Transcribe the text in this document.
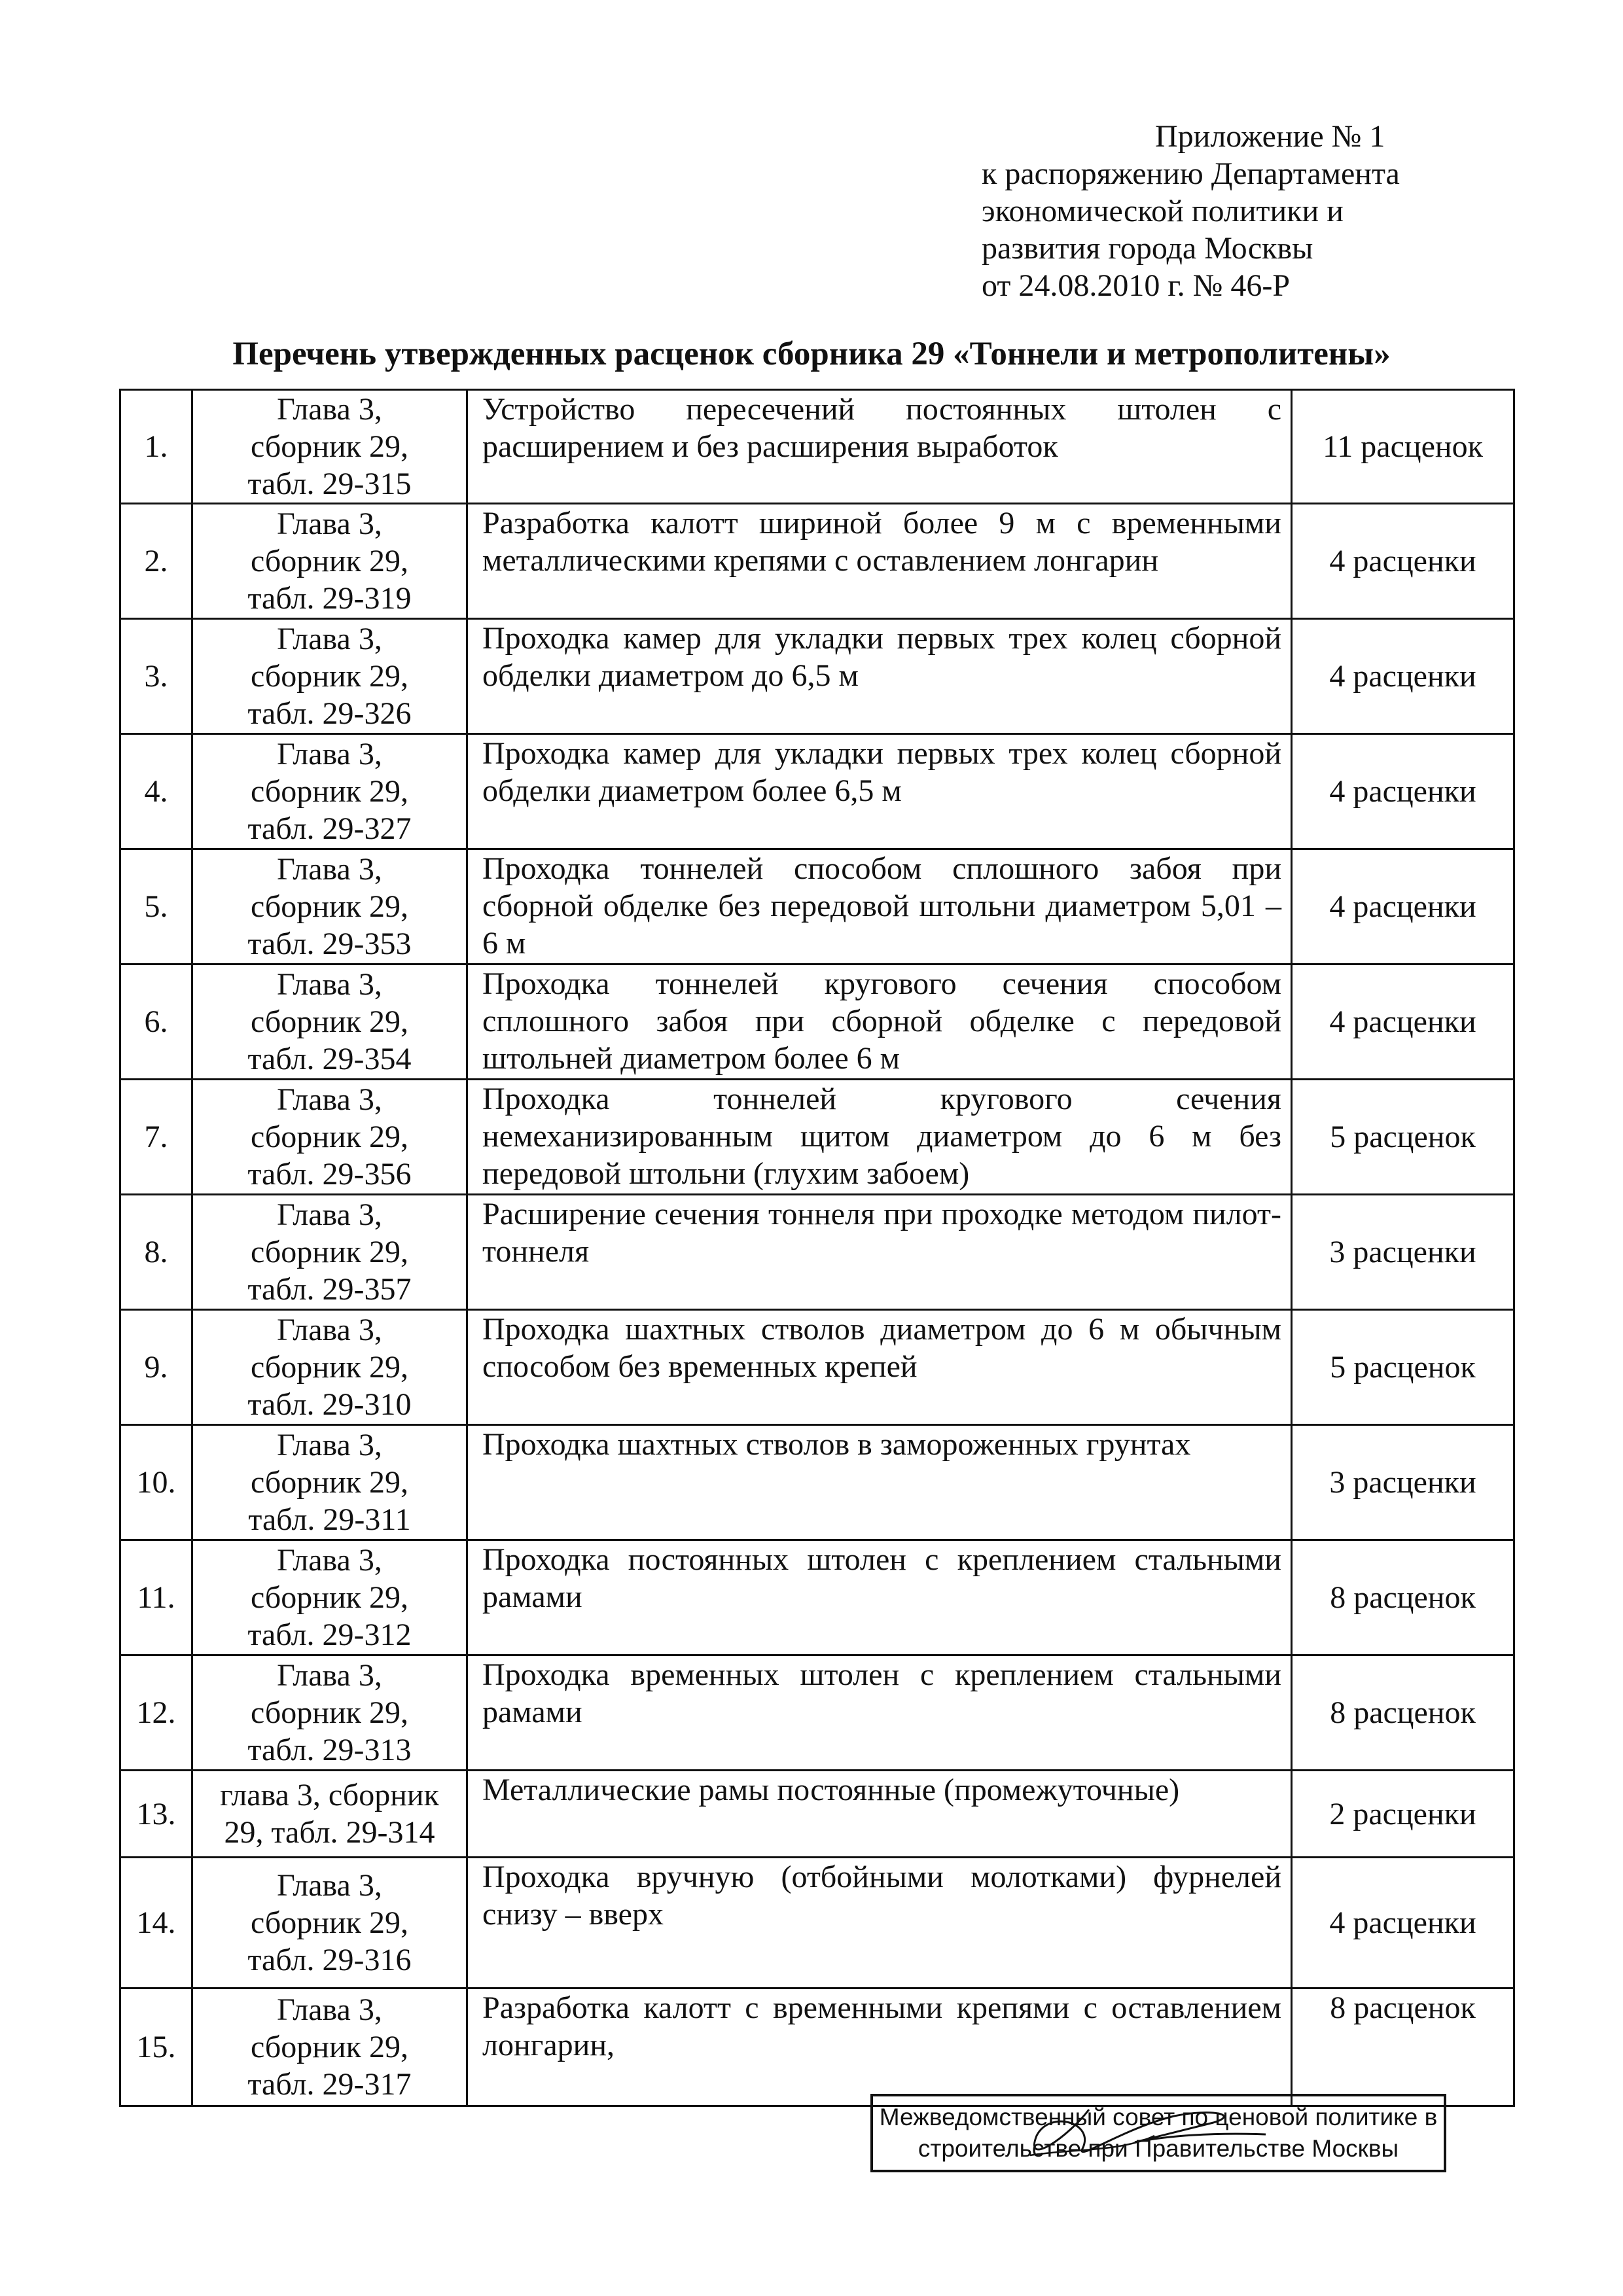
Приложение № 1
к распоряжению Департамента
экономической политики и
развития города Москвы
от 24.08.2010 г. № 46-Р
Перечень утвержденных расценок сборника 29 «Тоннели и метрополитены»
1.	Глава 3,
сборник 29,
табл. 29-315	Устройство пересечений постоянных штолен с расширением и без расширения выработок	11 расценок
2.	Глава 3,
сборник 29,
табл. 29-319	Разработка калотт шириной более 9 м с временными металлическими крепями с оставлением лонгарин	4 расценки
3.	Глава 3,
сборник 29,
табл. 29-326	Проходка камер для укладки первых трех колец сборной обделки диаметром до 6,5 м	4 расценки
4.	Глава 3,
сборник 29,
табл. 29-327	Проходка камер для укладки первых трех колец сборной обделки диаметром более 6,5 м	4 расценки
5.	Глава 3,
сборник 29,
табл. 29-353	Проходка тоннелей способом сплошного забоя при сборной обделке без передовой штольни диаметром 5,01 – 6 м	4 расценки
6.	Глава 3,
сборник 29,
табл. 29-354	Проходка тоннелей кругового сечения способом сплошного забоя при сборной обделке с передовой штольней диаметром более 6 м	4 расценки
7.	Глава 3,
сборник 29,
табл. 29-356	Проходка тоннелей кругового сечения немеханизированным щитом диаметром до 6 м без передовой штольни (глухим забоем)	5 расценок
8.	Глава 3,
сборник 29,
табл. 29-357	Расширение сечения тоннеля при проходке методом пилот-тоннеля	3 расценки
9.	Глава 3,
сборник 29,
табл. 29-310	Проходка шахтных стволов диаметром до 6 м обычным способом без временных крепей	5 расценок
10.	Глава 3,
сборник 29,
табл. 29-311	Проходка шахтных стволов в замороженных грунтах	3 расценки
11.	Глава 3,
сборник 29,
табл. 29-312	Проходка постоянных штолен с креплением стальными рамами	8 расценок
12.	Глава 3,
сборник 29,
табл. 29-313	Проходка временных штолен с креплением стальными рамами	8 расценок
13.	глава 3, сборник
29, табл. 29-314	Металлические рамы постоянные (промежуточные)	2 расценки
14.	Глава 3,
сборник 29,
табл. 29-316	Проходка вручную (отбойными молотками) фурнелей снизу – вверх	4 расценки
15.	Глава 3,
сборник 29,
табл. 29-317	Разработка калотт с временными крепями с оставлением лонгарин,	8 расценок
Межведомственный совет по ценовой политике в
строительстве при Правительстве Москвы
